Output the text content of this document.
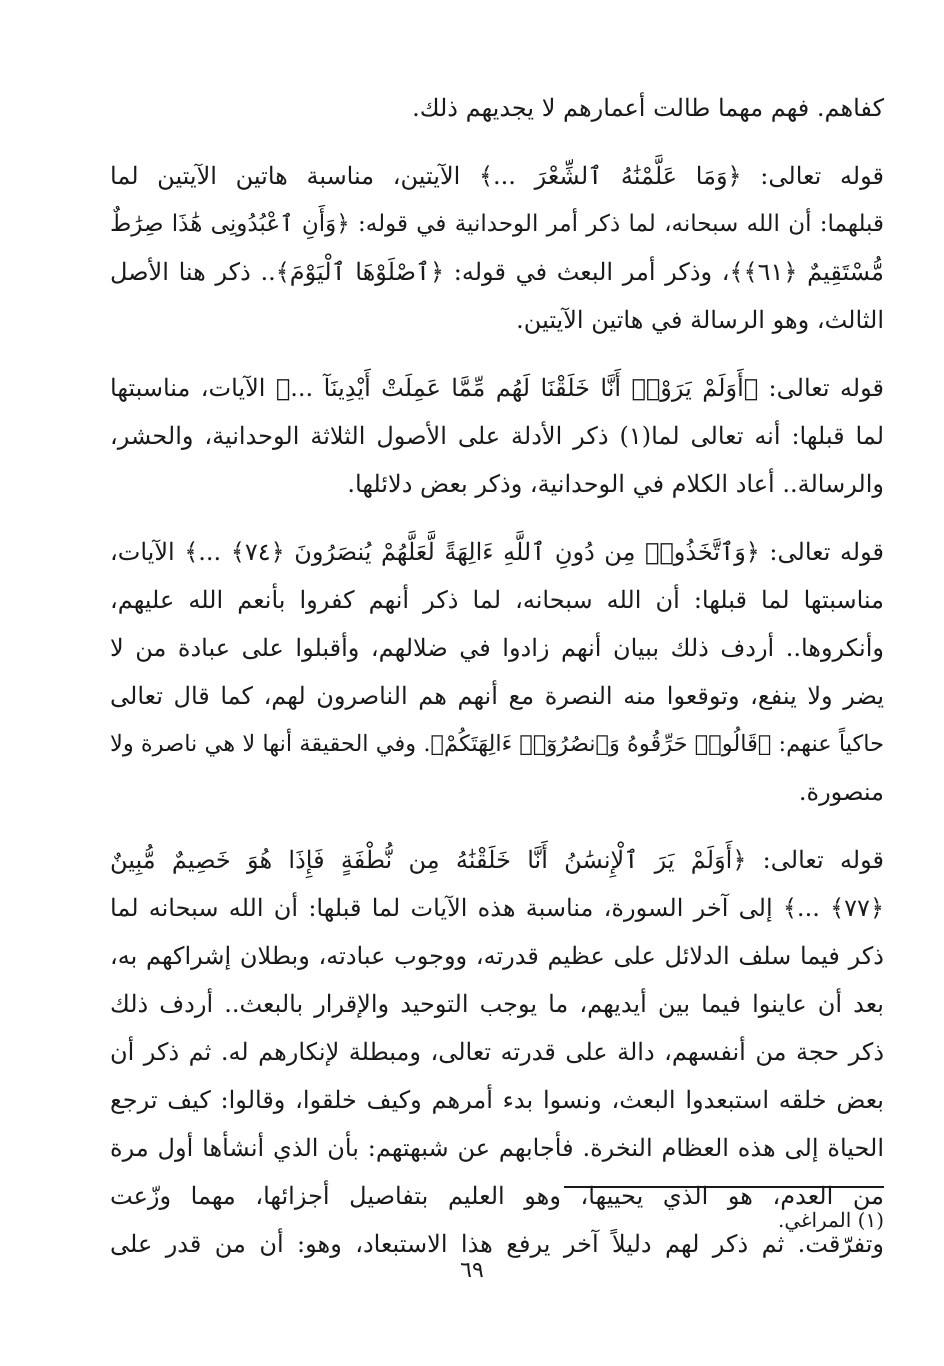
كفاهم. فهم مهما طالت أعمارهم لا يجديهم ذلك.
قوله تعالى: ﴿وَمَا عَلَّمْنَٰهُ ٱلشِّعْرَ ...﴾ الآيتين، مناسبة هاتين الآيتين لما
قبلهما: أن الله سبحانه، لما ذكر أمر الوحدانية في قوله: ﴿وَأَنِ ٱعْبُدُونِى هَٰذَا صِرَٰطٌ
مُّسْتَقِيمٌ ﴿٦١﴾﴾، وذكر أمر البعث في قوله: ﴿ٱصْلَوْهَا ٱلْيَوْمَ﴾.. ذكر هنا الأصل
الثالث، وهو الرسالة في هاتين الآيتين.
قوله تعالى: ﴿أَوَلَمْ يَرَوْا۟ أَنَّا خَلَقْنَا لَهُم مِّمَّا عَمِلَتْ أَيْدِينَآ ...﴾ الآيات، مناسبتها
لما قبلها: أنه تعالى لما(١) ذكر الأدلة على الأصول الثلاثة الوحدانية، والحشر،
والرسالة.. أعاد الكلام في الوحدانية، وذكر بعض دلائلها.
قوله تعالى: ﴿وَٱتَّخَذُوا۟ مِن دُونِ ٱللَّهِ ءَالِهَةً لَّعَلَّهُمْ يُنصَرُونَ ﴿٧٤﴾ ...﴾ الآيات،
مناسبتها لما قبلها: أن الله سبحانه، لما ذكر أنهم كفروا بأنعم الله عليهم،
وأنكروها.. أردف ذلك ببيان أنهم زادوا في ضلالهم، وأقبلوا على عبادة من لا
يضر ولا ينفع، وتوقعوا منه النصرة مع أنهم هم الناصرون لهم، كما قال تعالى
حاكياً عنهم: ﴿قَالُوا۟ حَرِّقُوهُ وَٱنصُرُوٓا۟ ءَالِهَتَكُمْ﴾. وفي الحقيقة أنها لا هي ناصرة ولا
منصورة.
قوله تعالى: ﴿أَوَلَمْ يَرَ ٱلْإِنسَٰنُ أَنَّا خَلَقْنَٰهُ مِن نُّطْفَةٍ فَإِذَا هُوَ خَصِيمٌ مُّبِينٌ
﴿٧٧﴾ ...﴾ إلى آخر السورة، مناسبة هذه الآيات لما قبلها: أن الله سبحانه لما
ذكر فيما سلف الدلائل على عظيم قدرته، ووجوب عبادته، وبطلان إشراكهم به،
بعد أن عاينوا فيما بين أيديهم، ما يوجب التوحيد والإقرار بالبعث.. أردف ذلك
ذكر حجة من أنفسهم، دالة على قدرته تعالى، ومبطلة لإنكارهم له. ثم ذكر أن
بعض خلقه استبعدوا البعث، ونسوا بدء أمرهم وكيف خلقوا، وقالوا: كيف ترجع
الحياة إلى هذه العظام النخرة. فأجابهم عن شبهتهم: بأن الذي أنشأها أول مرة
من العدم، هو الذي يحييها، وهو العليم بتفاصيل أجزائها، مهما وزّعت
وتفرّقت. ثم ذكر لهم دليلاً آخر يرفع هذا الاستبعاد، وهو: أن من قدر على
(١) المراغي.
٦٩
